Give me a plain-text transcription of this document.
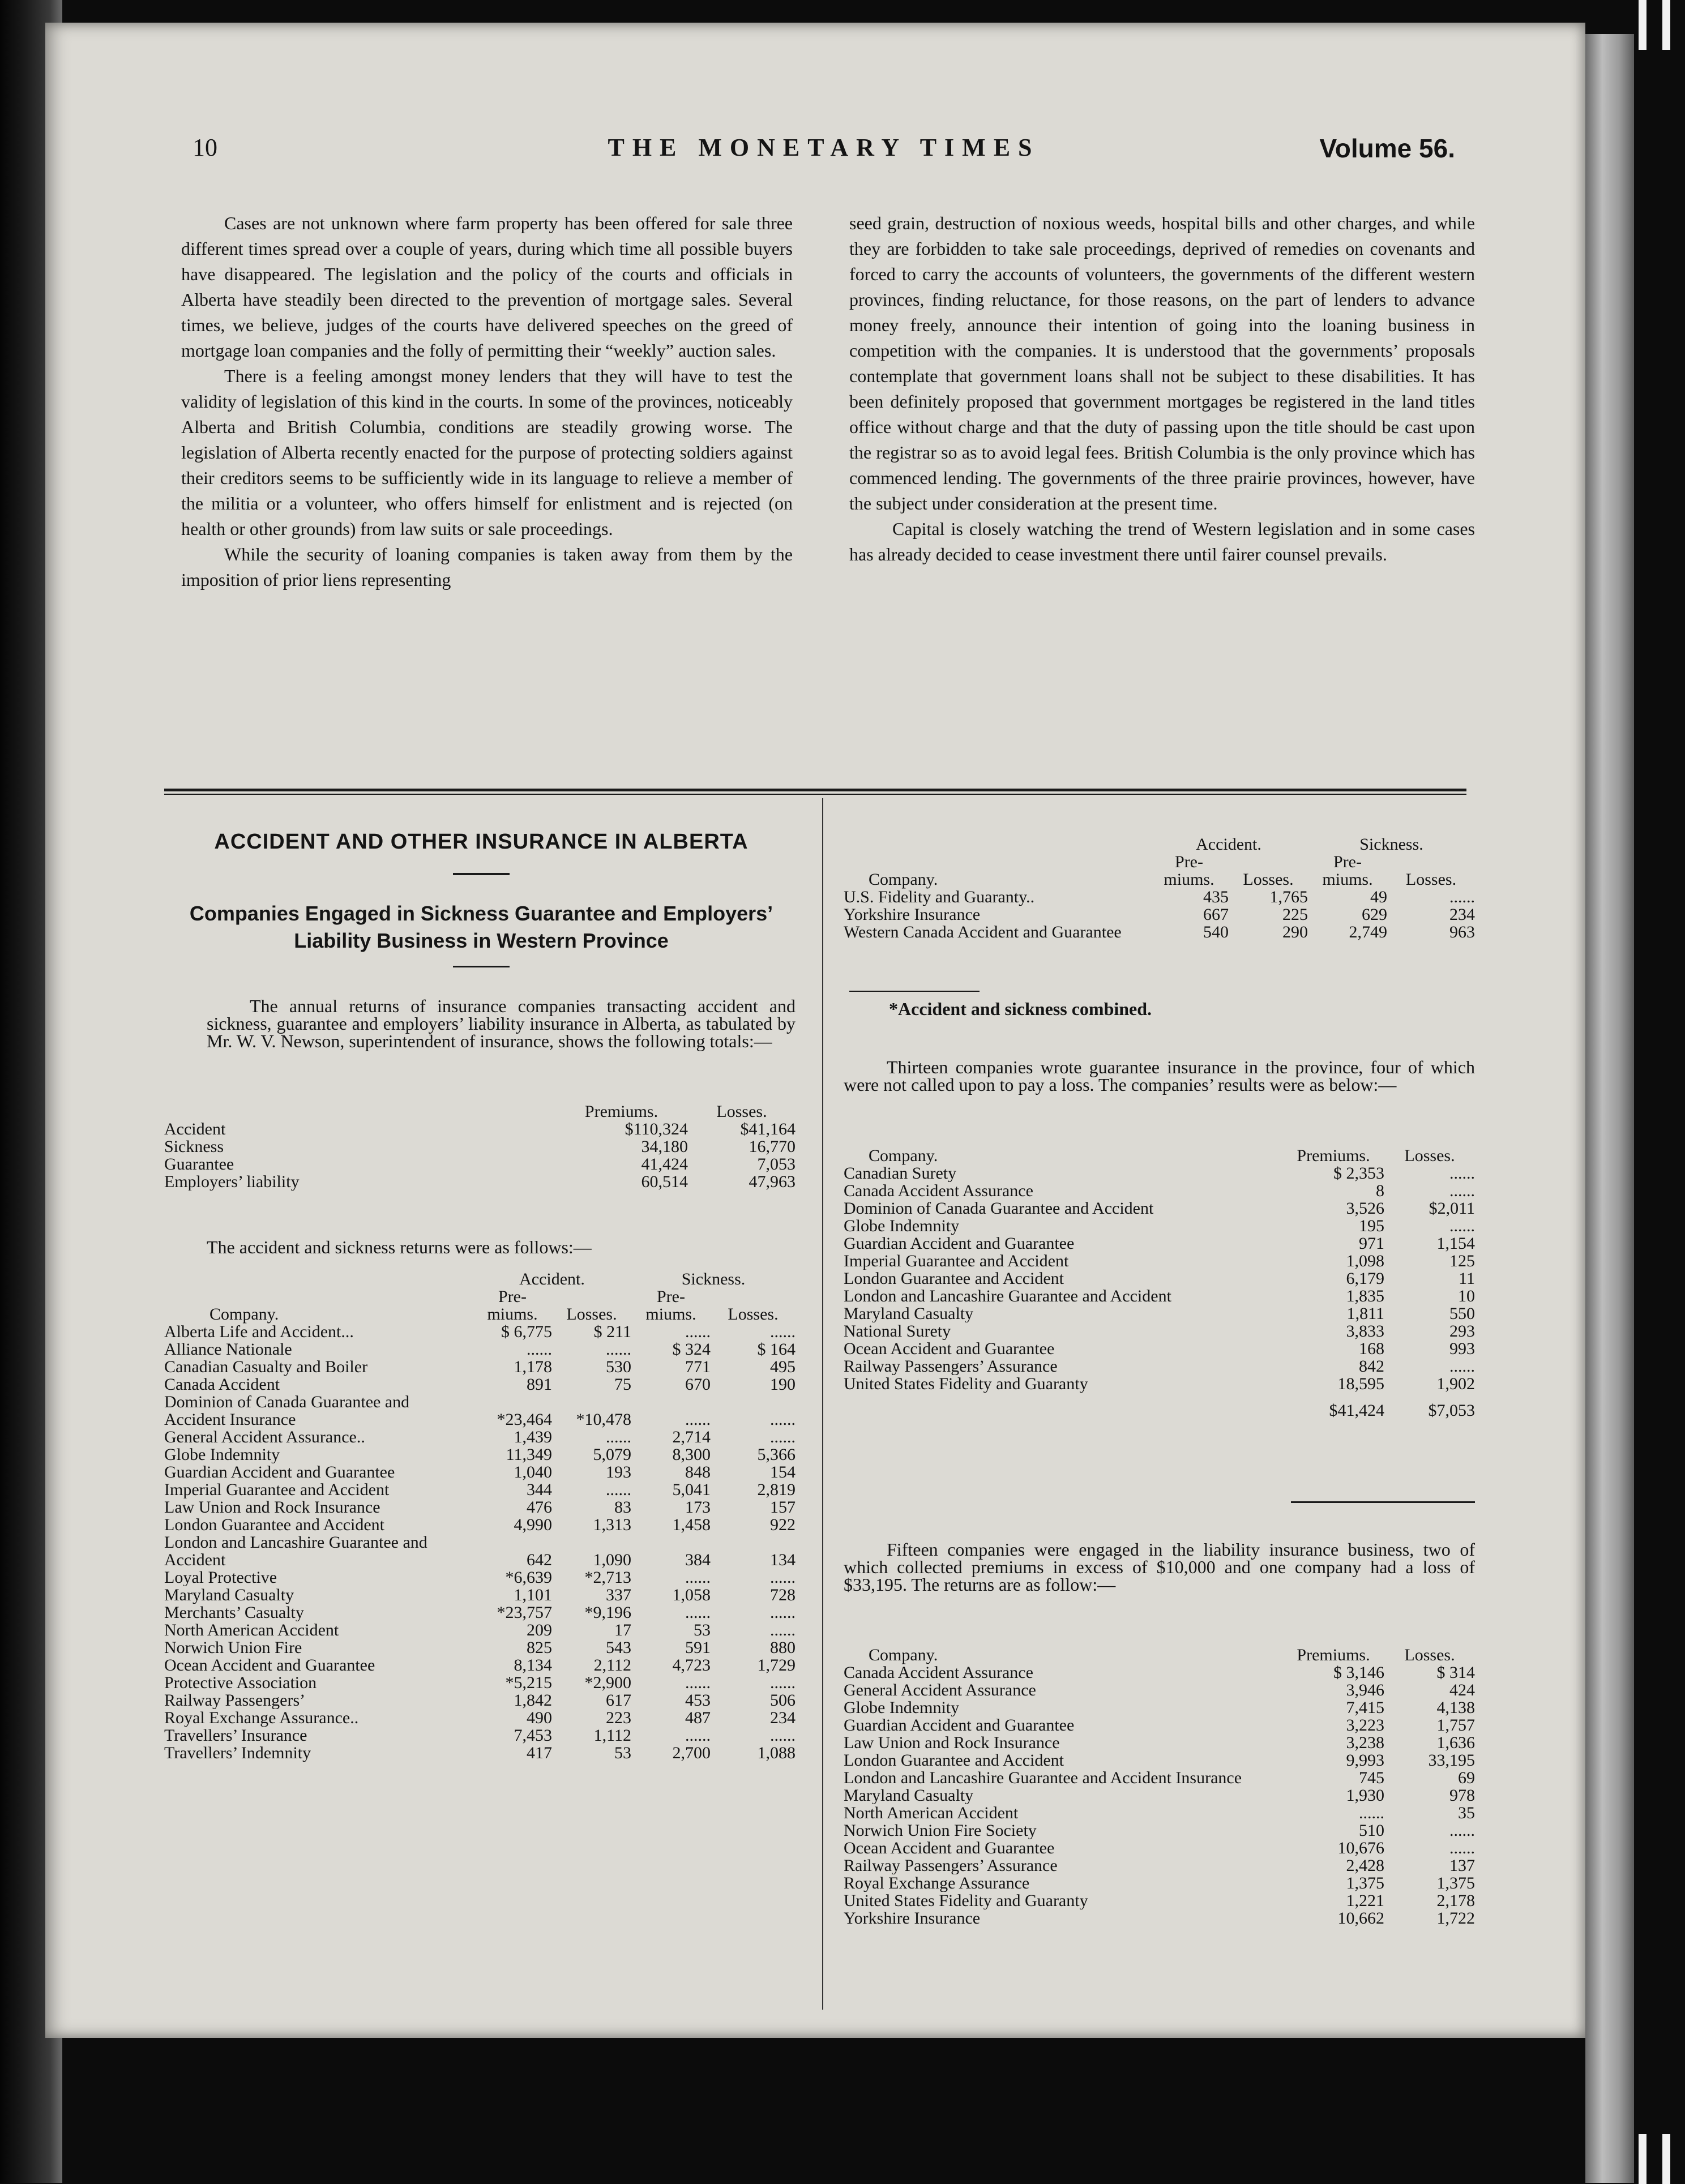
10	THE MONETARY TIMES	Volume 56.

Cases are not unknown where farm property has been offered for sale three different times spread over a couple of years, during which time all possible buyers have disappeared. The legislation and the policy of the courts and officials in Alberta have steadily been directed to the prevention of mortgage sales. Several times, we believe, judges of the courts have delivered speeches on the greed of mortgage loan companies and the folly of permitting their “weekly” auction sales.

There is a feeling amongst money lenders that they will have to test the validity of legislation of this kind in the courts. In some of the provinces, noticeably Alberta and British Columbia, conditions are steadily growing worse. The legislation of Alberta recently enacted for the purpose of protecting soldiers against their creditors seems to be sufficiently wide in its language to relieve a member of the militia or a volunteer, who offers himself for enlistment and is rejected (on health or other grounds) from law suits or sale proceedings.

While the security of loaning companies is taken away from them by the imposition of prior liens representing

seed grain, destruction of noxious weeds, hospital bills and other charges, and while they are forbidden to take sale proceedings, deprived of remedies on covenants and forced to carry the accounts of volunteers, the governments of the different western provinces, finding reluctance, for those reasons, on the part of lenders to advance money freely, announce their intention of going into the loaning business in competition with the companies. It is understood that the governments’ proposals contemplate that government loans shall not be subject to these disabilities. It has been definitely proposed that government mortgages be registered in the land titles office without charge and that the duty of passing upon the title should be cast upon the registrar so as to avoid legal fees. British Columbia is the only province which has commenced lending. The governments of the three prairie provinces, however, have the subject under consideration at the present time.

Capital is closely watching the trend of Western legislation and in some cases has already decided to cease investment there until fairer counsel prevails.

ACCIDENT AND OTHER INSURANCE IN ALBERTA
Companies Engaged in Sickness Guarantee and Employers’
Liability Business in Western Province

The annual returns of insurance companies transacting accident and sickness, guarantee and employers’ liability insurance in Alberta, as tabulated by Mr. W. V. Newson, superintendent of insurance, shows the following totals:—

	Premiums.	Losses.
Accident	$110,324	$41,164
Sickness	34,180	16,770
Guarantee	41,424	7,053
Employers’ liability	60,514	47,963

The accident and sickness returns were as follows:—

	Accident.		Sickness.	
	Pre-		Pre-	
Company.	miums.	Losses.	miums.	Losses.
Alberta Life and Accident...	$ 6,775	$ 211	......	......
Alliance Nationale	......	......	$ 324	$ 164
Canadian Casualty and Boiler	1,178	530	771	495
Canada Accident	891	75	670	190
Dominion of Canada Guarantee and Accident Insurance	*23,464	*10,478	......	......
General Accident Assurance..	1,439	......	2,714	......
Globe Indemnity	11,349	5,079	8,300	5,366
Guardian Accident and Guarantee	1,040	193	848	154
Imperial Guarantee and Accident	344	......	5,041	2,819
Law Union and Rock Insurance	476	83	173	157
London Guarantee and Accident	4,990	1,313	1,458	922
London and Lancashire Guarantee and Accident	642	1,090	384	134
Loyal Protective	*6,639	*2,713	......	......
Maryland Casualty	1,101	337	1,058	728
Merchants’ Casualty	*23,757	*9,196	......	......
North American Accident	209	17	53	......
Norwich Union Fire	825	543	591	880
Ocean Accident and Guarantee	8,134	2,112	4,723	1,729
Protective Association	*5,215	*2,900	......	......
Railway Passengers’	1,842	617	453	506
Royal Exchange Assurance..	490	223	487	234
Travellers’ Insurance	7,453	1,112	......	......
Travellers’ Indemnity	417	53	2,700	1,088
	Accident.		Sickness.	
	Pre-		Pre-	
Company.	miums.	Losses.	miums.	Losses.
U.S. Fidelity and Guaranty..	435	1,765	49	......
Yorkshire Insurance	667	225	629	234
Western Canada Accident and Guarantee	540	290	2,749	963
*Accident and sickness combined.

Thirteen companies wrote guarantee insurance in the province, four of which were not called upon to pay a loss. The companies’ results were as below:—

Company.	Premiums.	Losses.
Canadian Surety	$ 2,353	......
Canada Accident Assurance	8	......
Dominion of Canada Guarantee and Accident	3,526	$2,011
Globe Indemnity	195	......
Guardian Accident and Guarantee	971	1,154
Imperial Guarantee and Accident	1,098	125
London Guarantee and Accident	6,179	11
London and Lancashire Guarantee and Accident	1,835	10
Maryland Casualty	1,811	550
National Surety	3,833	293
Ocean Accident and Guarantee	168	993
Railway Passengers’ Assurance	842	......
United States Fidelity and Guaranty	18,595	1,902
	$41,424	$7,053

Fifteen companies were engaged in the liability insurance business, two of which collected premiums in excess of $10,000 and one company had a loss of $33,195. The returns are as follow:—

Company.	Premiums.	Losses.
Canada Accident Assurance	$ 3,146	$ 314
General Accident Assurance	3,946	424
Globe Indemnity	7,415	4,138
Guardian Accident and Guarantee	3,223	1,757
Law Union and Rock Insurance	3,238	1,636
London Guarantee and Accident	9,993	33,195
London and Lancashire Guarantee and Accident Insurance	745	69
Maryland Casualty	1,930	978
North American Accident	......	35
Norwich Union Fire Society	510	......
Ocean Accident and Guarantee	10,676	......
Railway Passengers’ Assurance	2,428	137
Royal Exchange Assurance	1,375	1,375
United States Fidelity and Guaranty	1,221	2,178
Yorkshire Insurance	10,662	1,722
